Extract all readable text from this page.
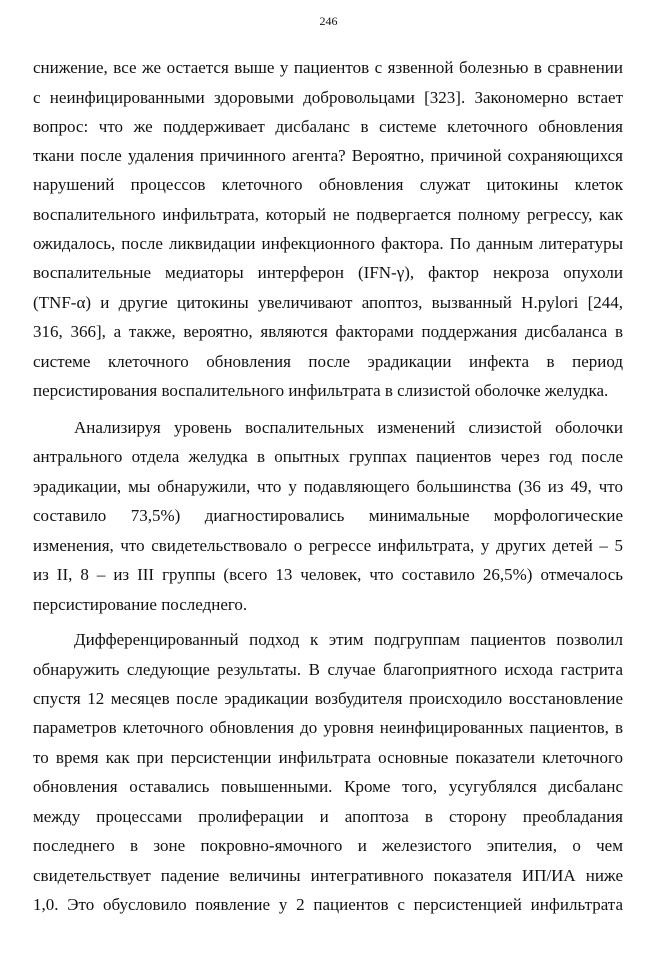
246
снижение, все же остается выше у пациентов с язвенной болезнью в сравнении
с неинфицированными здоровыми добровольцами [323]. Закономерно встает
вопрос: что же поддерживает дисбаланс в системе клеточного обновления
ткани после удаления причинного агента? Вероятно, причиной сохраняющихся
нарушений процессов клеточного обновления служат цитокины клеток
воспалительного инфильтрата, который не подвергается полному регрессу, как
ожидалось, после ликвидации инфекционного фактора. По данным литературы
воспалительные медиаторы интерферон (IFN-γ), фактор некроза опухоли
(TNF-α) и другие цитокины увеличивают апоптоз, вызванный H.pylori [244,
316, 366], а также, вероятно, являются факторами поддержания дисбаланса в
системе клеточного обновления после эрадикации инфекта в период
персистирования воспалительного инфильтрата в слизистой оболочке желудка.
Анализируя уровень воспалительных изменений слизистой оболочки
антрального отдела желудка в опытных группах пациентов через год после
эрадикации, мы обнаружили, что у подавляющего большинства (36 из 49, что
составило 73,5%) диагностировались минимальные морфологические
изменения, что свидетельствовало о регрессе инфильтрата, у других детей – 5
из II, 8 – из III группы (всего 13 человек, что составило 26,5%) отмечалось
персистирование последнего.
Дифференцированный подход к этим подгруппам пациентов позволил
обнаружить следующие результаты. В случае благоприятного исхода гастрита
спустя 12 месяцев после эрадикации возбудителя происходило восстановление
параметров клеточного обновления до уровня неинфицированных пациентов, в
то время как при персистенции инфильтрата основные показатели клеточного
обновления оставались повышенными. Кроме того, усугублялся дисбаланс
между процессами пролиферации и апоптоза в сторону преобладания
последнего в зоне покровно-ямочного и железистого эпителия, о чем
свидетельствует падение величины интегративного показателя ИП/ИА ниже
1,0. Это обусловило появление у 2 пациентов с персистенцией инфильтрата
